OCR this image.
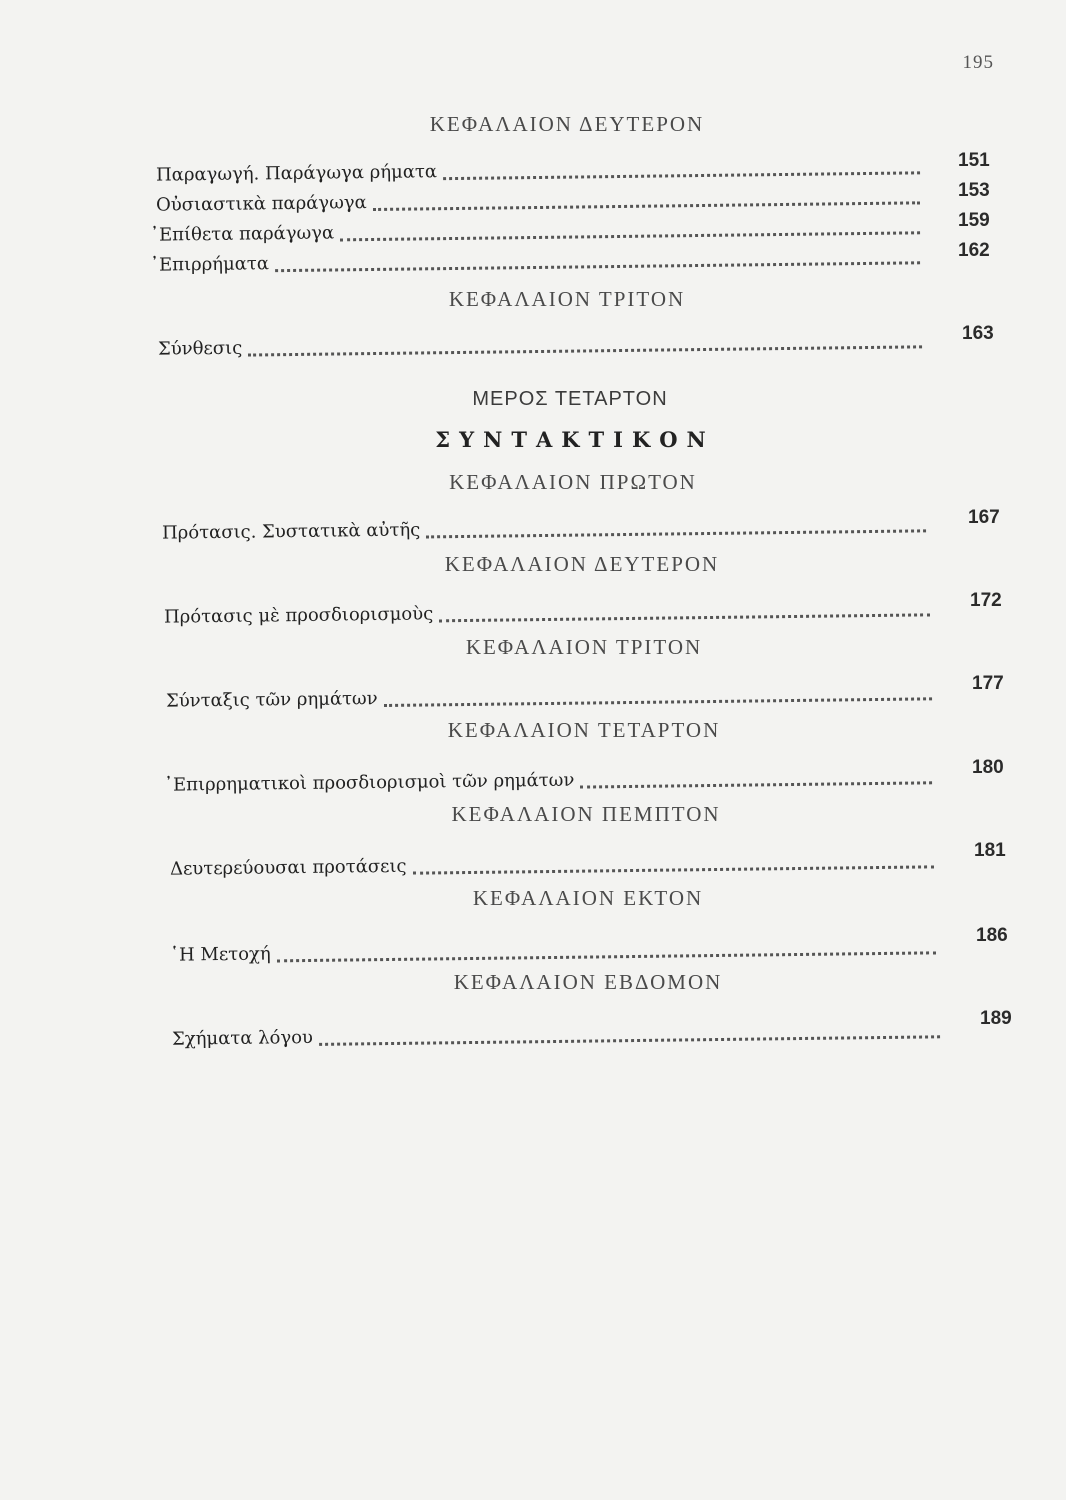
195
ΚΕΦΑΛΑΙΟΝ ΔΕΥΤΕΡΟΝ
Παραγωγή. Παράγωγα ρήματα
151
Οὐσιαστικὰ παράγωγα
153
᾿Επίθετα παράγωγα
159
᾿Επιρρήματα
162
ΚΕΦΑΛΑΙΟΝ ΤΡΙΤΟΝ
Σύνθεσις
163
ΜΕΡΟΣ ΤΕΤΑΡΤΟΝ
ΣΥΝΤΑΚΤΙΚΟΝ
ΚΕΦΑΛΑΙΟΝ ΠΡΩΤΟΝ
Πρότασις. Συστατικὰ αὐτῆς
167
ΚΕΦΑΛΑΙΟΝ ΔΕΥΤΕΡΟΝ
Πρότασις μὲ προσδιορισμοὺς
172
ΚΕΦΑΛΑΙΟΝ ΤΡΙΤΟΝ
Σύνταξις τῶν ρημάτων
177
ΚΕΦΑΛΑΙΟΝ ΤΕΤΑΡΤΟΝ
᾿Επιρρηματικοὶ προσδιορισμοὶ τῶν ρημάτων
180
ΚΕΦΑΛΑΙΟΝ ΠΕΜΠΤΟΝ
Δευτερεύουσαι προτάσεις
181
ΚΕΦΑΛΑΙΟΝ ΕΚΤΟΝ
῾Η Μετοχή
186
ΚΕΦΑΛΑΙΟΝ ΕΒΔΟΜΟΝ
Σχήματα λόγου
189
